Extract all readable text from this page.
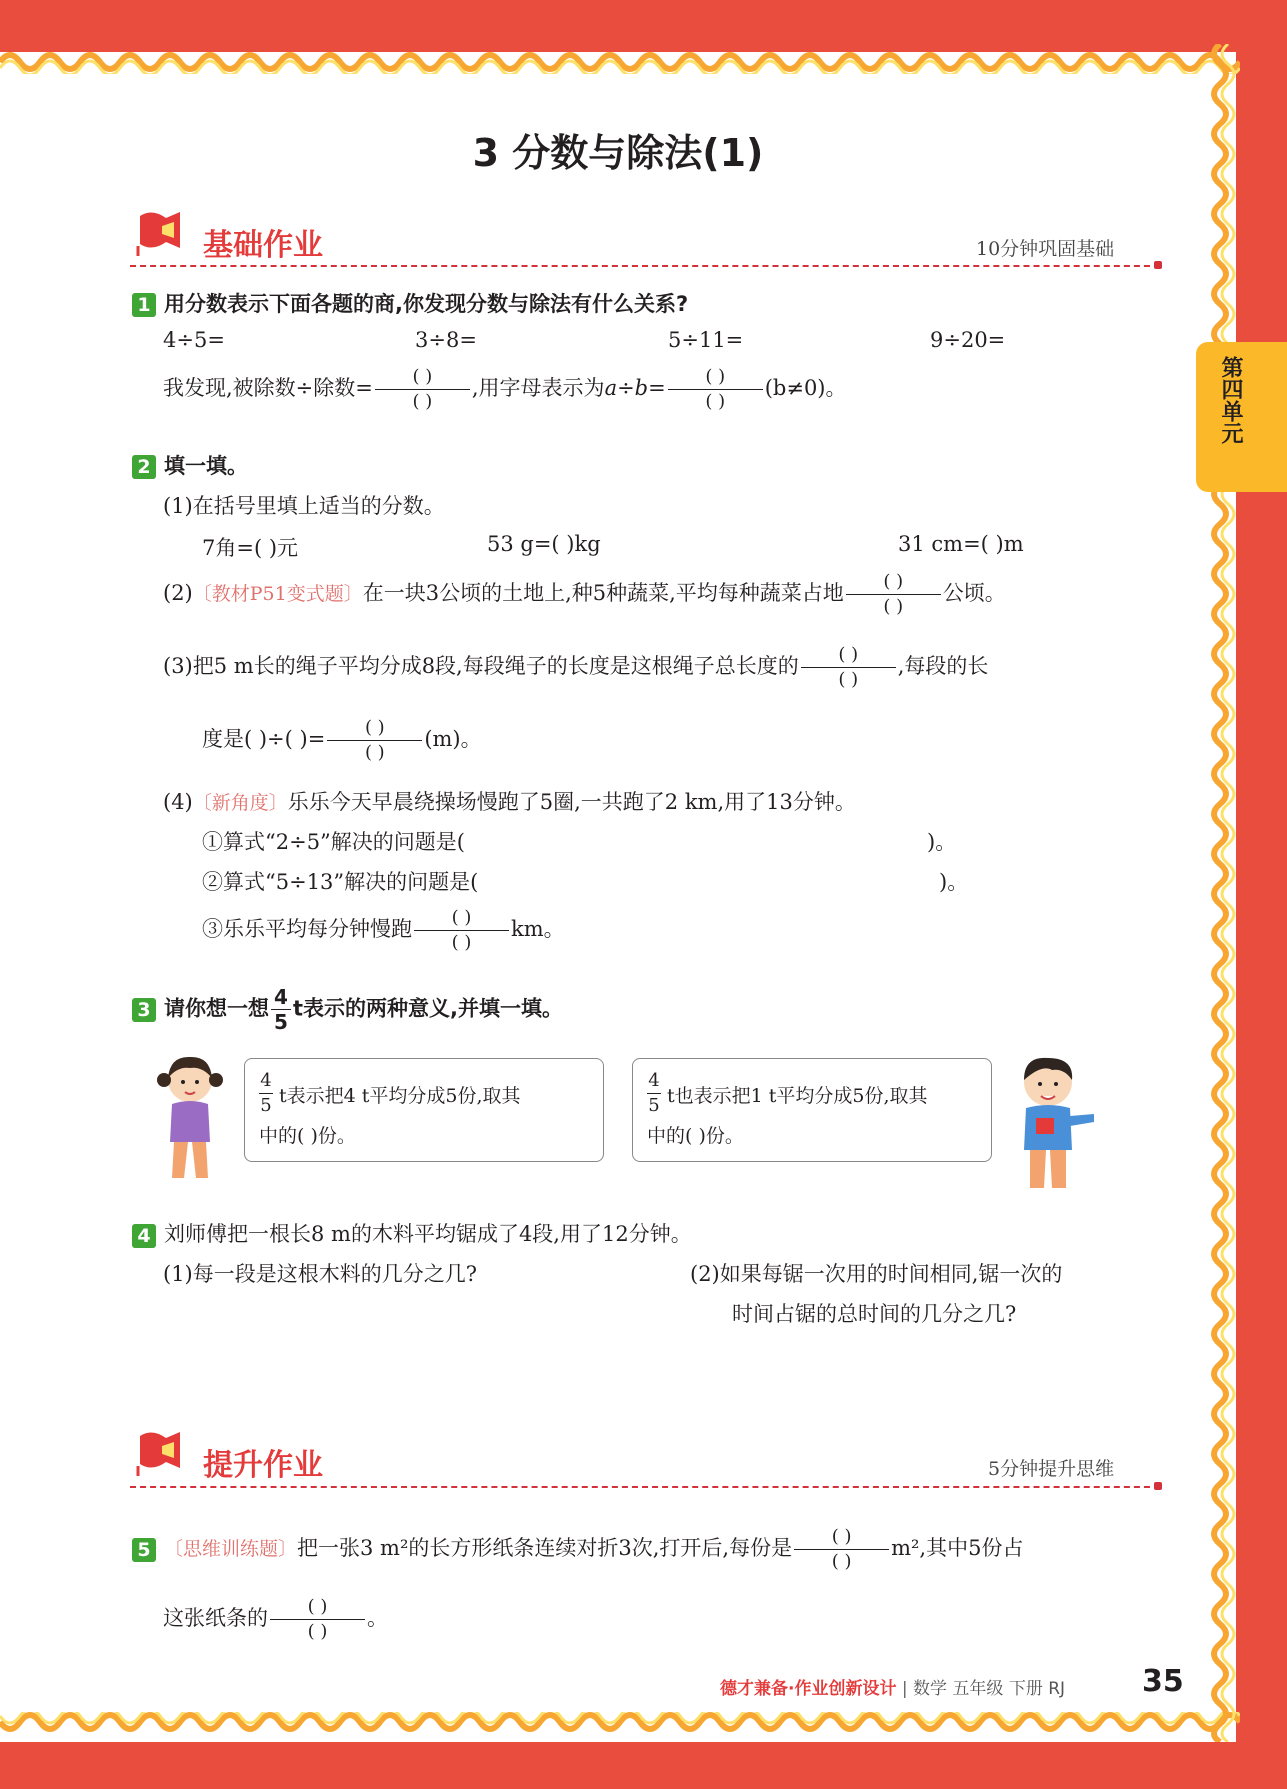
第四单元
3 分数与除法(1)
基础作业	10分钟巩固基础
1 用分数表示下面各题的商,你发现分数与除法有什么关系?
4÷5=	3÷8=	5÷11=	9÷20=
我发现,被除数÷除数= $\frac{( )}{( )}$ ,用字母表示为$a\div b= \frac{( )}{( )} (b\ne 0)$。
2 填一填。
(1)在括号里填上适当的分数。
7角=( )元	53 g=( )kg	31 cm=( )m
(2)〔教材P51变式题〕在一块3公顷的土地上,种5种蔬菜,平均每种蔬菜占地 $\frac{( )}{( )}$ 公顷。
(3)把5 m长的绳子平均分成8段,每段绳子的长度是这根绳子总长度的 $\frac{( )}{( )}$ ,每段的长
度是( )÷( )= $\frac{( )}{( )} (m)$。
(4)〔新角度〕乐乐今天早晨绕操场慢跑了5圈,一共跑了2 km,用了13分钟。
①算式“2÷5”解决的问题是(	)。
②算式“5÷13”解决的问题是(	)。
③乐乐平均每分钟慢跑 $\frac{( )}{( )}$ km。
3 请你想一想 $\frac{4}{5}$ t表示的两种意义,并填一填。
4
5 t表示把4 t平均分成5份,取其
中的( )份。
4
5 t也表示把1 t平均分成5份,取其
中的( )份。
4 刘师傅把一根长8 m的木料平均锯成了4段,用了12分钟。
(1)每一段是这根木料的几分之几?	(2)如果每锯一次用的时间相同,锯一次的
时间占锯的总时间的几分之几?
提升作业	5分钟提升思维
5 〔思维训练题〕把一张3 m²的长方形纸条连续对折3次,打开后,每份是 $\frac{( )}{( )} m^2$,其中5份占
这张纸条的 $\frac{( )}{( )}$ 。
德才兼备·作业创新设计 | 数学 五年级 下册 RJ	35
